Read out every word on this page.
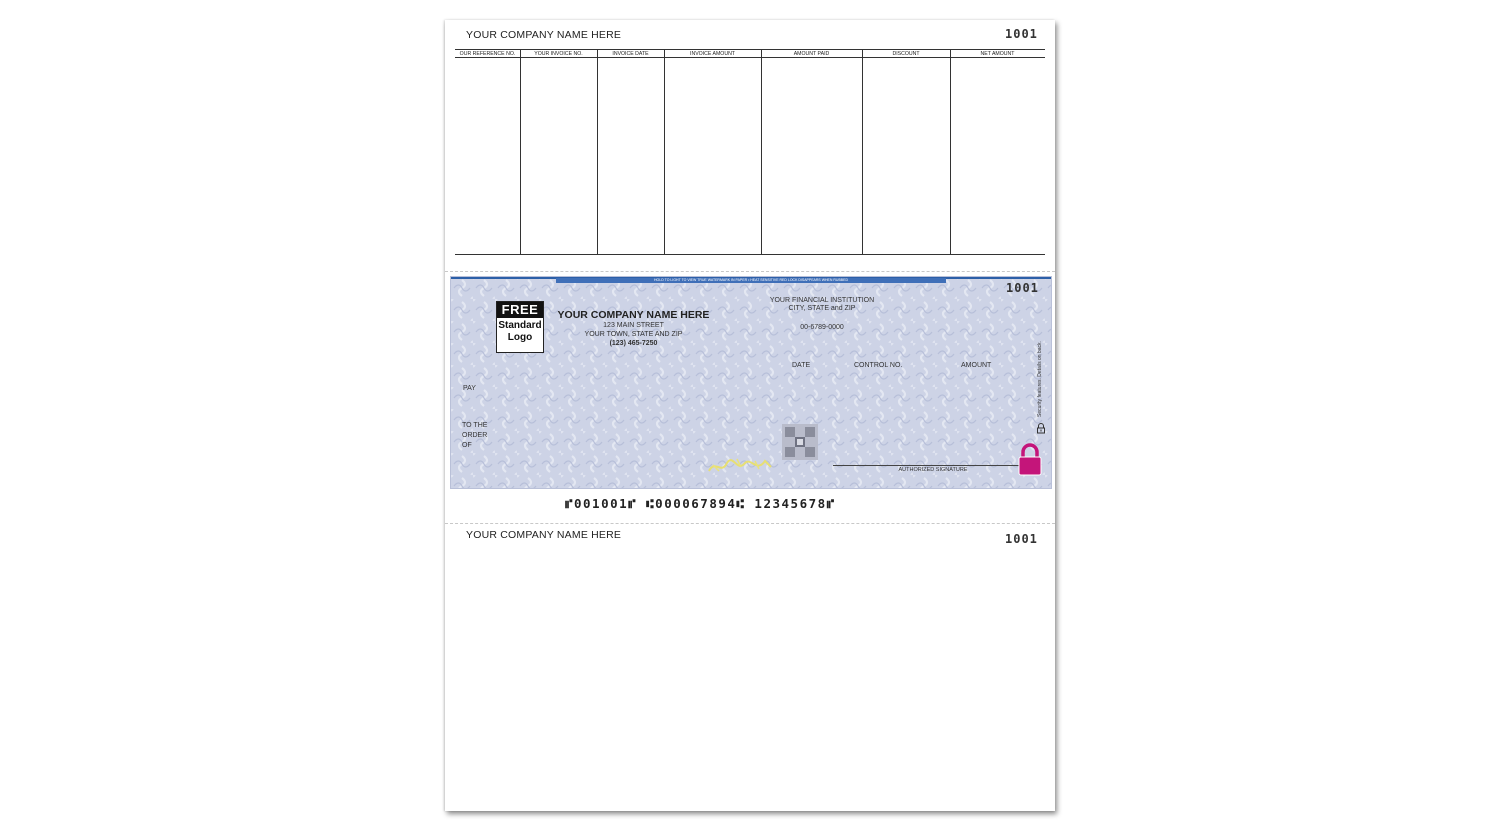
YOUR COMPANY NAME HERE	1001
OUR REFERENCE NO.	YOUR INVOICE NO.	INVOICE DATE	INVOICE AMOUNT	AMOUNT PAID	DISCOUNT	NET AMOUNT
HOLD TO LIGHT TO VIEW TRUE WATERMARK IN PAPER • HEAT SENSITIVE RED LOCK DISAPPEARS WHEN RUBBED
1001
FREE
Standard
Logo
YOUR COMPANY NAME HERE
123 MAIN STREET
YOUR TOWN, STATE AND ZIP
(123) 465-7250
YOUR FINANCIAL INSTITUTION
CITY, STATE and ZIP
00-6789-0000
DATE	CONTROL NO.	AMOUNT
PAY
TO THE
ORDER
OF
AUTHORIZED SIGNATURE
Security features. Details on back.
⑈001001⑈ ⑆000067894⑆ 12345678⑈
YOUR COMPANY NAME HERE	1001
